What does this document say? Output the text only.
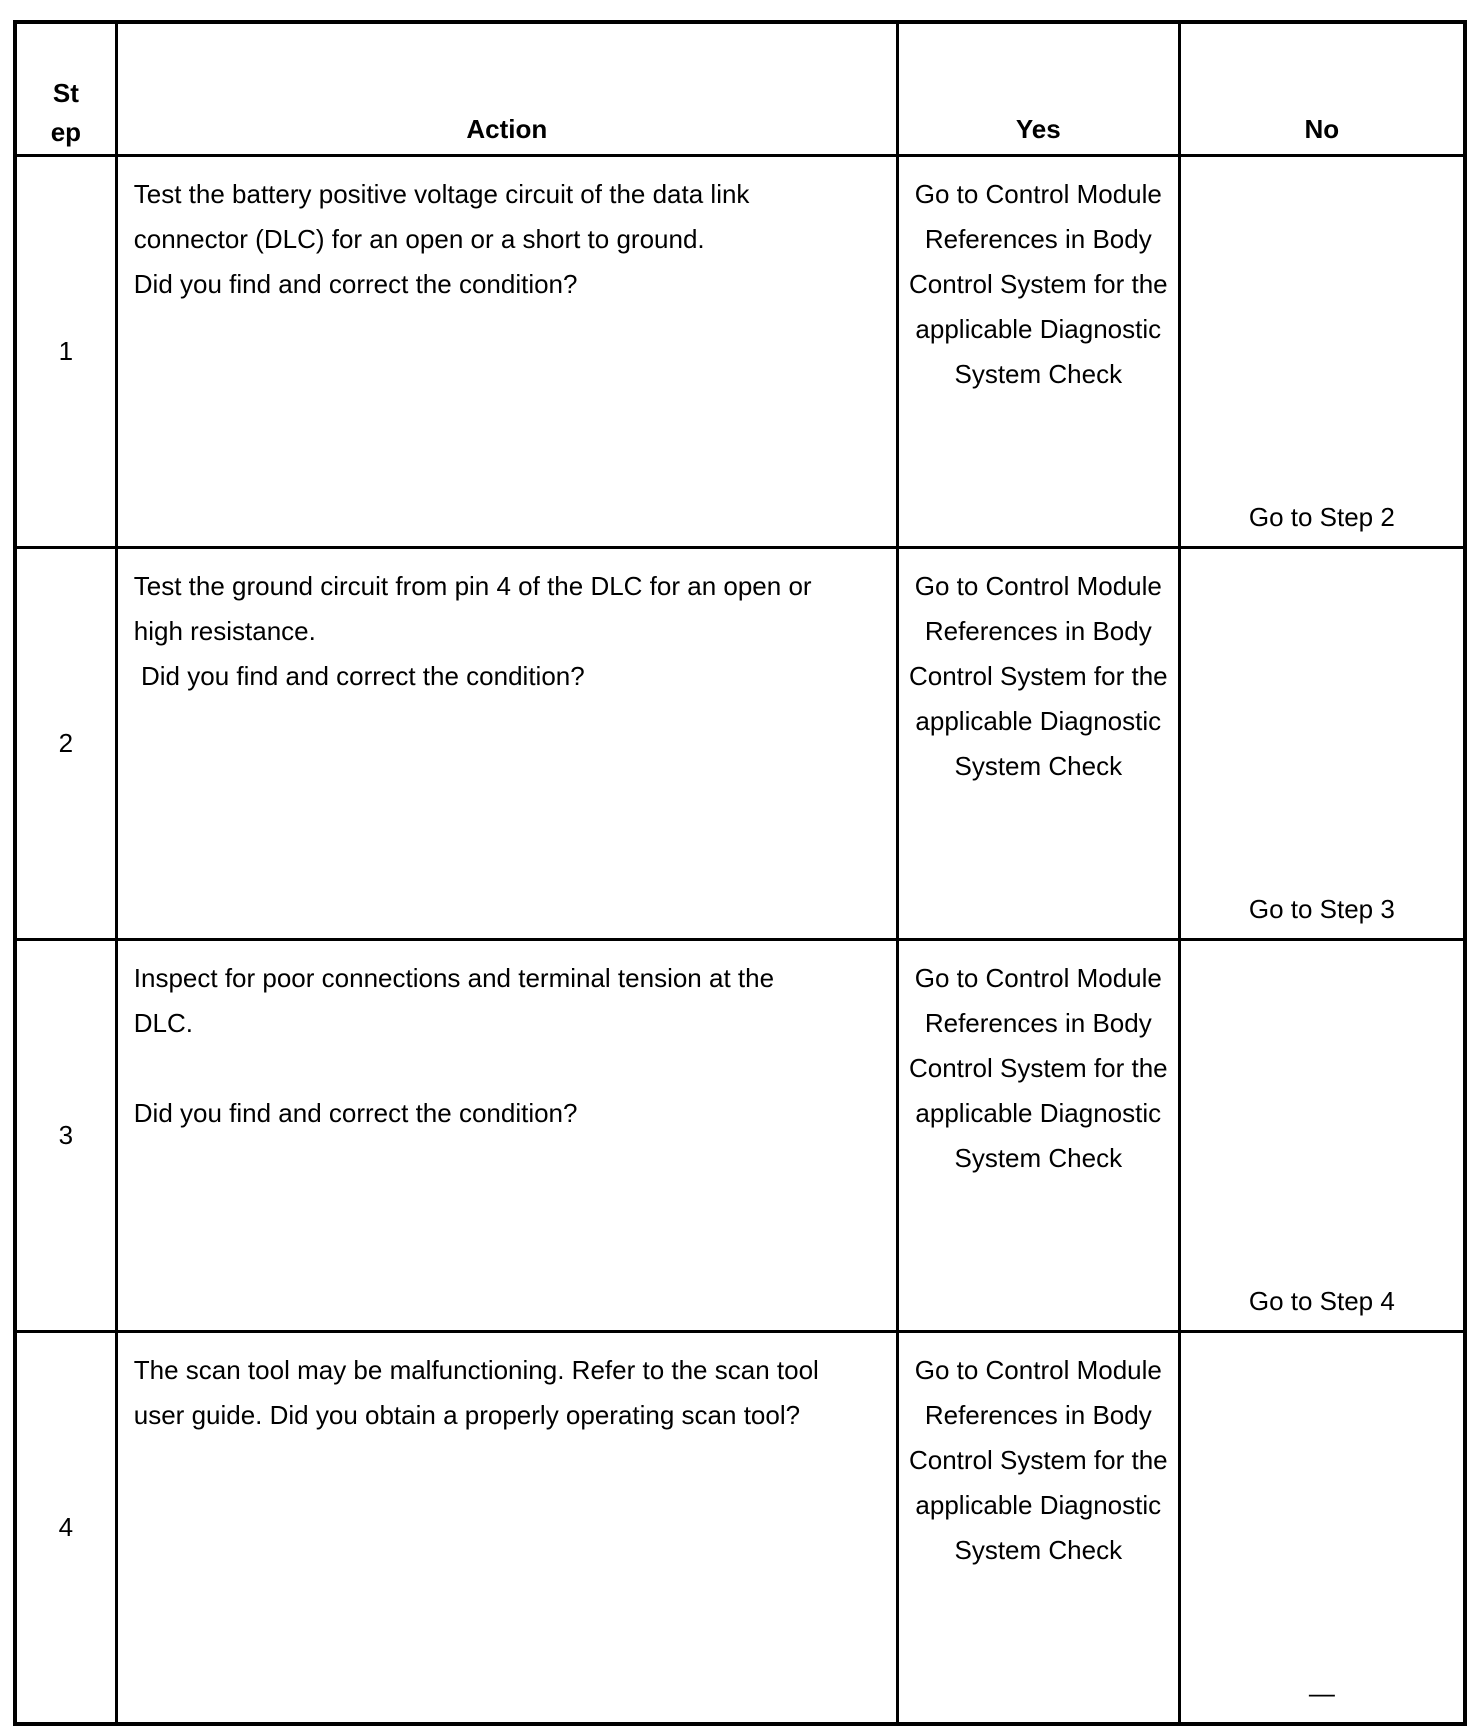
St
ep	Action	Yes	No
1	Test the battery positive voltage circuit of the data link connector (DLC) for an open or a short to ground.
Did you find and correct the condition?	Go to Control Module References in Body Control System for the applicable Diagnostic System Check	Go to Step 2
2	Test the ground circuit from pin 4 of the DLC for an open or high resistance.
Did you find and correct the condition?	Go to Control Module References in Body Control System for the applicable Diagnostic System Check	Go to Step 3
3	Inspect for poor connections and terminal tension at the DLC.
Did you find and correct the condition?	Go to Control Module References in Body Control System for the applicable Diagnostic System Check	Go to Step 4
4	The scan tool may be malfunctioning. Refer to the scan tool user guide. Did you obtain a properly operating scan tool?	Go to Control Module References in Body Control System for the applicable Diagnostic System Check	—
